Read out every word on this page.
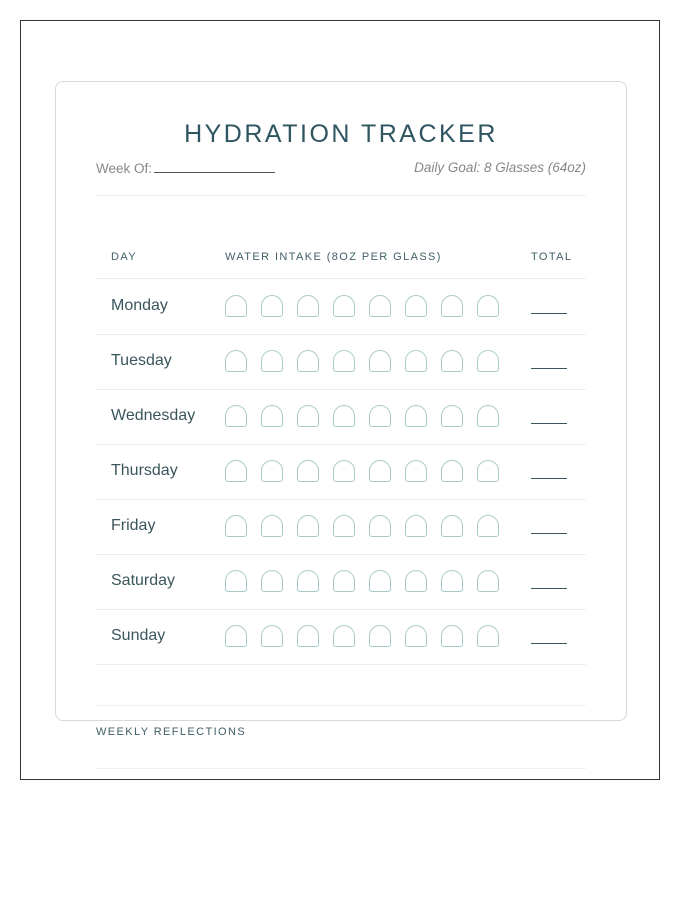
HYDRATION TRACKER
Week Of:	Daily Goal: 8 Glasses (64oz)
DAY	WATER INTAKE (8OZ PER GLASS)	TOTAL
Monday
Tuesday
Wednesday
Thursday
Friday
Saturday
Sunday
WEEKLY REFLECTIONS
